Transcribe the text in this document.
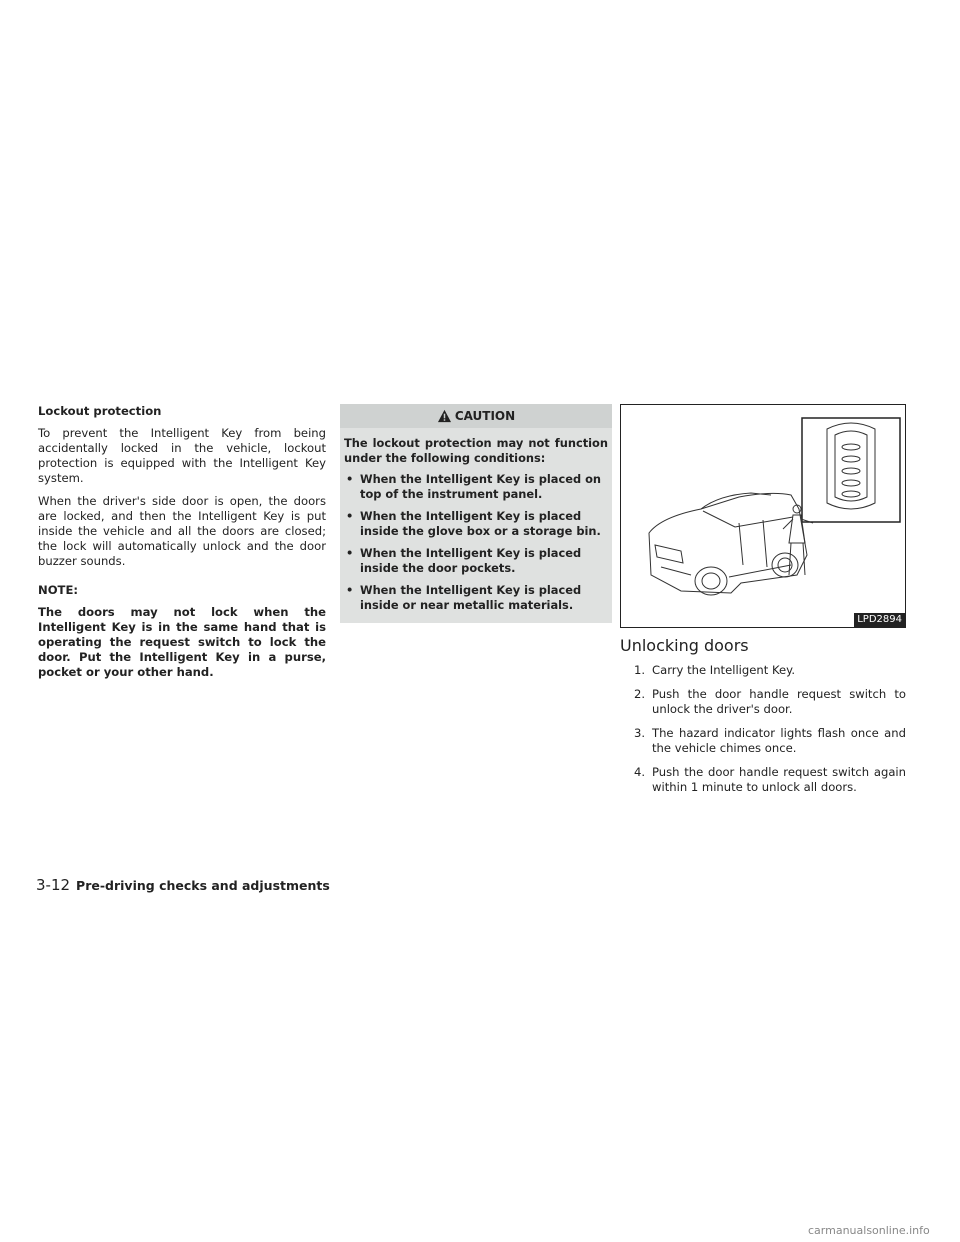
Lockout protection

To prevent the Intelligent Key from being accidentally locked in the vehicle, lockout protection is equipped with the Intelligent Key system.

When the driver's side door is open, the doors are locked, and then the Intelligent Key is put inside the vehicle and all the doors are closed; the lock will automatically unlock and the door buzzer sounds.

NOTE:

The doors may not lock when the Intelligent Key is in the same hand that is operating the request switch to lock the door. Put the Intelligent Key in a purse, pocket or your other hand.

CAUTION

The lockout protection may not function under the following conditions:

• When the Intelligent Key is placed on top of the instrument panel.
• When the Intelligent Key is placed inside the glove box or a storage bin.
• When the Intelligent Key is placed inside the door pockets.
• When the Intelligent Key is placed inside or near metallic materials.
LPD2894
Unlocking doors
1. Carry the Intelligent Key.
2. Push the door handle request switch to unlock the driver's door.
3. The hazard indicator lights flash once and the vehicle chimes once.
4. Push the door handle request switch again within 1 minute to unlock all doors.
3-12 Pre-driving checks and adjustments
carmanualsonline.info
